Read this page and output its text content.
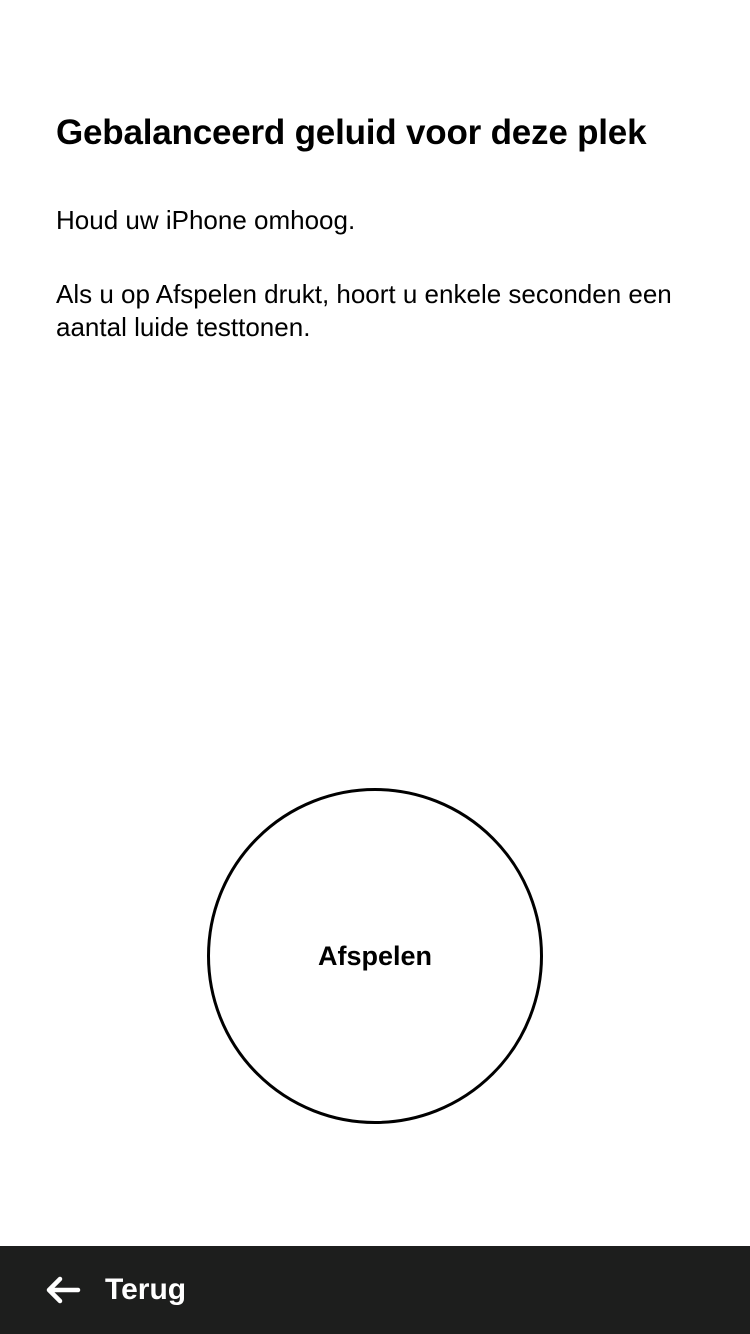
Gebalanceerd geluid voor deze plek

Houd uw iPhone omhoog.

Als u op Afspelen drukt, hoort u enkele seconden een aantal luide testtonen.

Afspelen
Terug
